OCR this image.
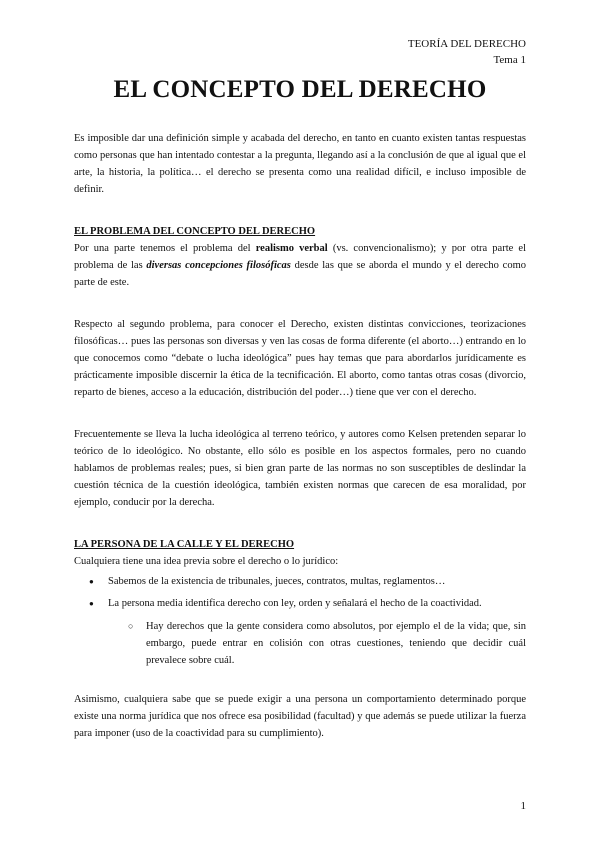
TEORÍA DEL DERECHO
Tema 1
EL CONCEPTO DEL DERECHO

Es imposible dar una definición simple y acabada del derecho, en tanto en cuanto existen tantas respuestas como personas que han intentado contestar a la pregunta, llegando así a la conclusión de que al igual que el arte, la historia, la política… el derecho se presenta como una realidad difícil, e incluso imposible de definir.

EL PROBLEMA DEL CONCEPTO DEL DERECHO

Por una parte tenemos el problema del realismo verbal (vs. convencionalismo); y por otra parte el problema de las diversas concepciones filosóficas desde las que se aborda el mundo y el derecho como parte de este.

Respecto al segundo problema, para conocer el Derecho, existen distintas convicciones, teorizaciones filosóficas… pues las personas son diversas y ven las cosas de forma diferente (el aborto…) entrando en lo que conocemos como “debate o lucha ideológica” pues hay temas que para abordarlos jurídicamente es prácticamente imposible discernir la ética de la tecnificación. El aborto, como tantas otras cosas (divorcio, reparto de bienes, acceso a la educación, distribución del poder…) tiene que ver con el derecho.

Frecuentemente se lleva la lucha ideológica al terreno teórico, y autores como Kelsen pretenden separar lo teórico de lo ideológico. No obstante, ello sólo es posible en los aspectos formales, pero no cuando hablamos de problemas reales; pues, si bien gran parte de las normas no son susceptibles de deslindar la cuestión técnica de la cuestión ideológica, también existen normas que carecen de esa moralidad, por ejemplo, conducir por la derecha.

LA PERSONA DE LA CALLE Y EL DERECHO

Cualquiera tiene una idea previa sobre el derecho o lo jurídico:

● Sabemos de la existencia de tribunales, jueces, contratos, multas, reglamentos…
● La persona media identifica derecho con ley, orden y señalará el hecho de la coactividad.
○ Hay derechos que la gente considera como absolutos, por ejemplo el de la vida; que, sin embargo, puede entrar en colisión con otras cuestiones, teniendo que decidir cuál prevalece sobre cuál.

Asimismo, cualquiera sabe que se puede exigir a una persona un comportamiento determinado porque existe una norma jurídica que nos ofrece esa posibilidad (facultad) y que además se puede utilizar la fuerza para imponer (uso de la coactividad para su cumplimiento).

1
